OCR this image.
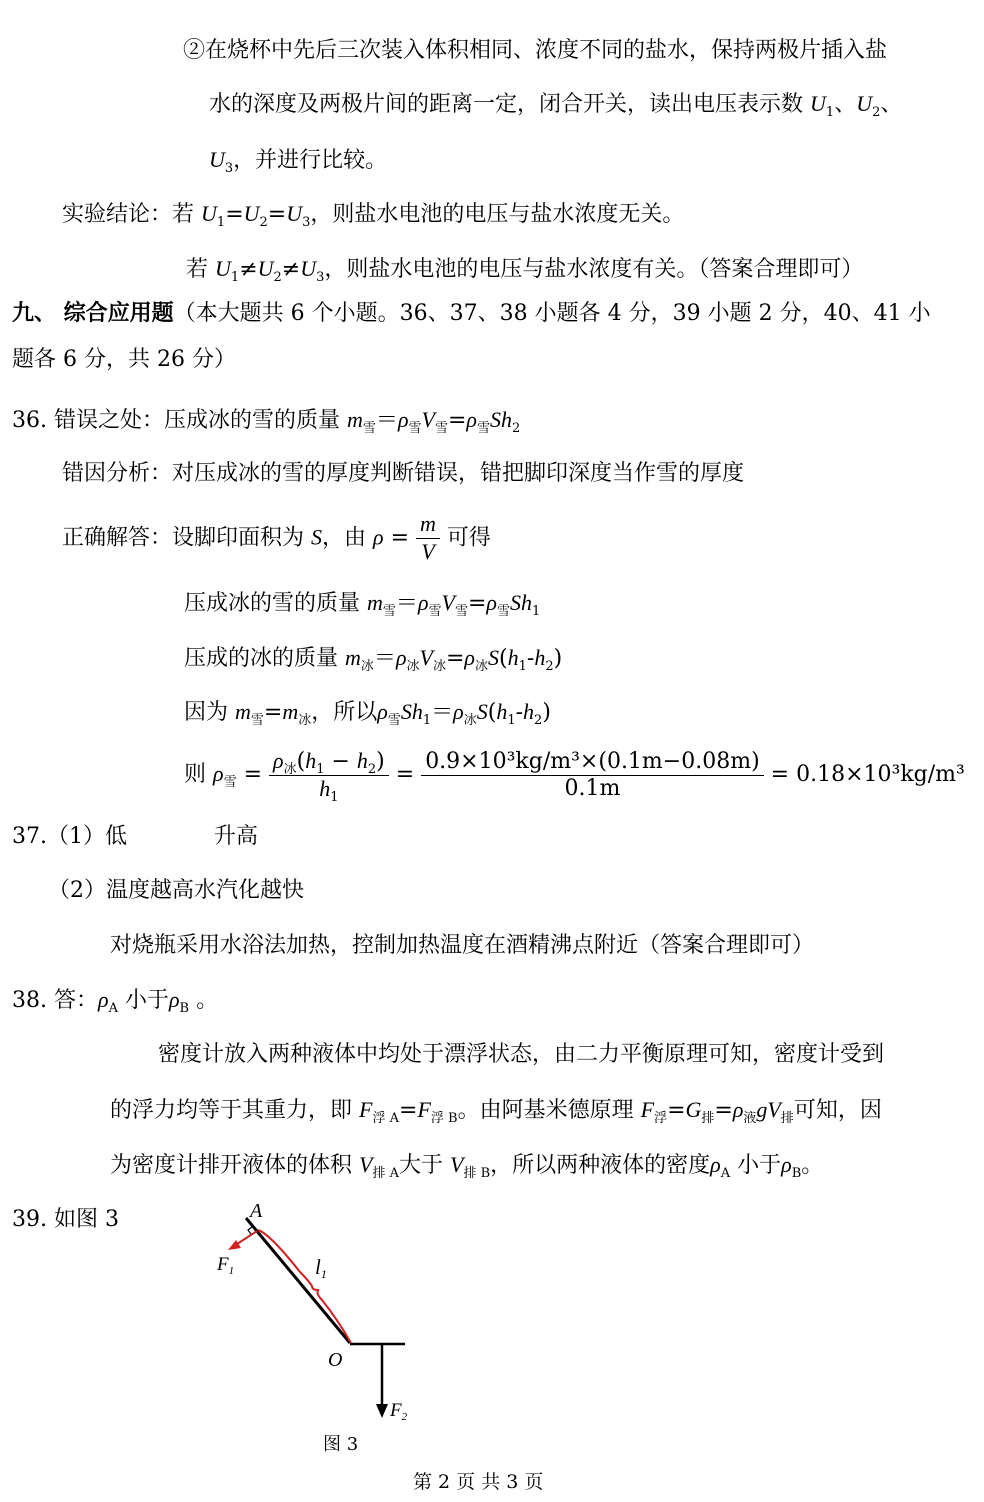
②在烧杯中先后三次装入体积相同、浓度不同的盐水，保持两极片插入盐
水的深度及两极片间的距离一定，闭合开关，读出电压表示数 $U_1$、$U_2$、
$U_3$，并进行比较。
实验结论：若 $U_1=U_2=U_3$，则盐水电池的电压与盐水浓度无关。
若 $U_1\ne U_2\ne U_3$，则盐水电池的电压与盐水浓度有关。（答案合理即可）
九、 综合应用题（本大题共 6 个小题。36、37、38 小题各 4 分，39 小题 2 分，40、41 小
题各 6 分，共 26 分）
36. 错误之处：压成冰的雪的质量 $m_雪=\rho_雪V_雪=\rho_雪Sh_2$
错因分析：对压成冰的雪的厚度判断错误，错把脚印深度当作雪的厚度
正确解答：设脚印面积为 S，由 $\rho = \frac{m}{V}$ 可得
压成冰的雪的质量 $m_雪=\rho_雪V_雪=\rho_雪Sh_1$
压成的冰的质量 $m_冰=\rho_冰V_冰=\rho_冰S(h_1-h_2)$
因为 $m_雪=m_冰$，所以$\rho_雪Sh_1=\rho_冰S(h_1-h_2)$
则 $\rho_雪 = \frac{\rho_冰(h_1 - h_2)}{h_1} = \frac{\text{0.9×10³kg/m³×(0.1m−0.08m)}}{0.1m} = 0.18\times 10^3kg/m^3$
37.（1）低	升高
（2）温度越高水汽化越快
对烧瓶采用水浴法加热，控制加热温度在酒精沸点附近（答案合理即可）
38. 答：$\rho_A$ 小于$\rho_B$ 。
密度计放入两种液体中均处于漂浮状态，由二力平衡原理可知，密度计受到
的浮力均等于其重力，即 $F_{浮 A}=F_{浮 B}$。由阿基米德原理 $F_浮=G_排=\rho_液gV_排$可知，因
为密度计排开液体的体积 $V_{排 A}$大于 $V_{排 B}$，所以两种液体的密度$\rho_A$ 小于$\rho_B$。
39. 如图 3	A
O
l1
$F_1$
$F_2$
图 3
第 2 页 共 3 页
